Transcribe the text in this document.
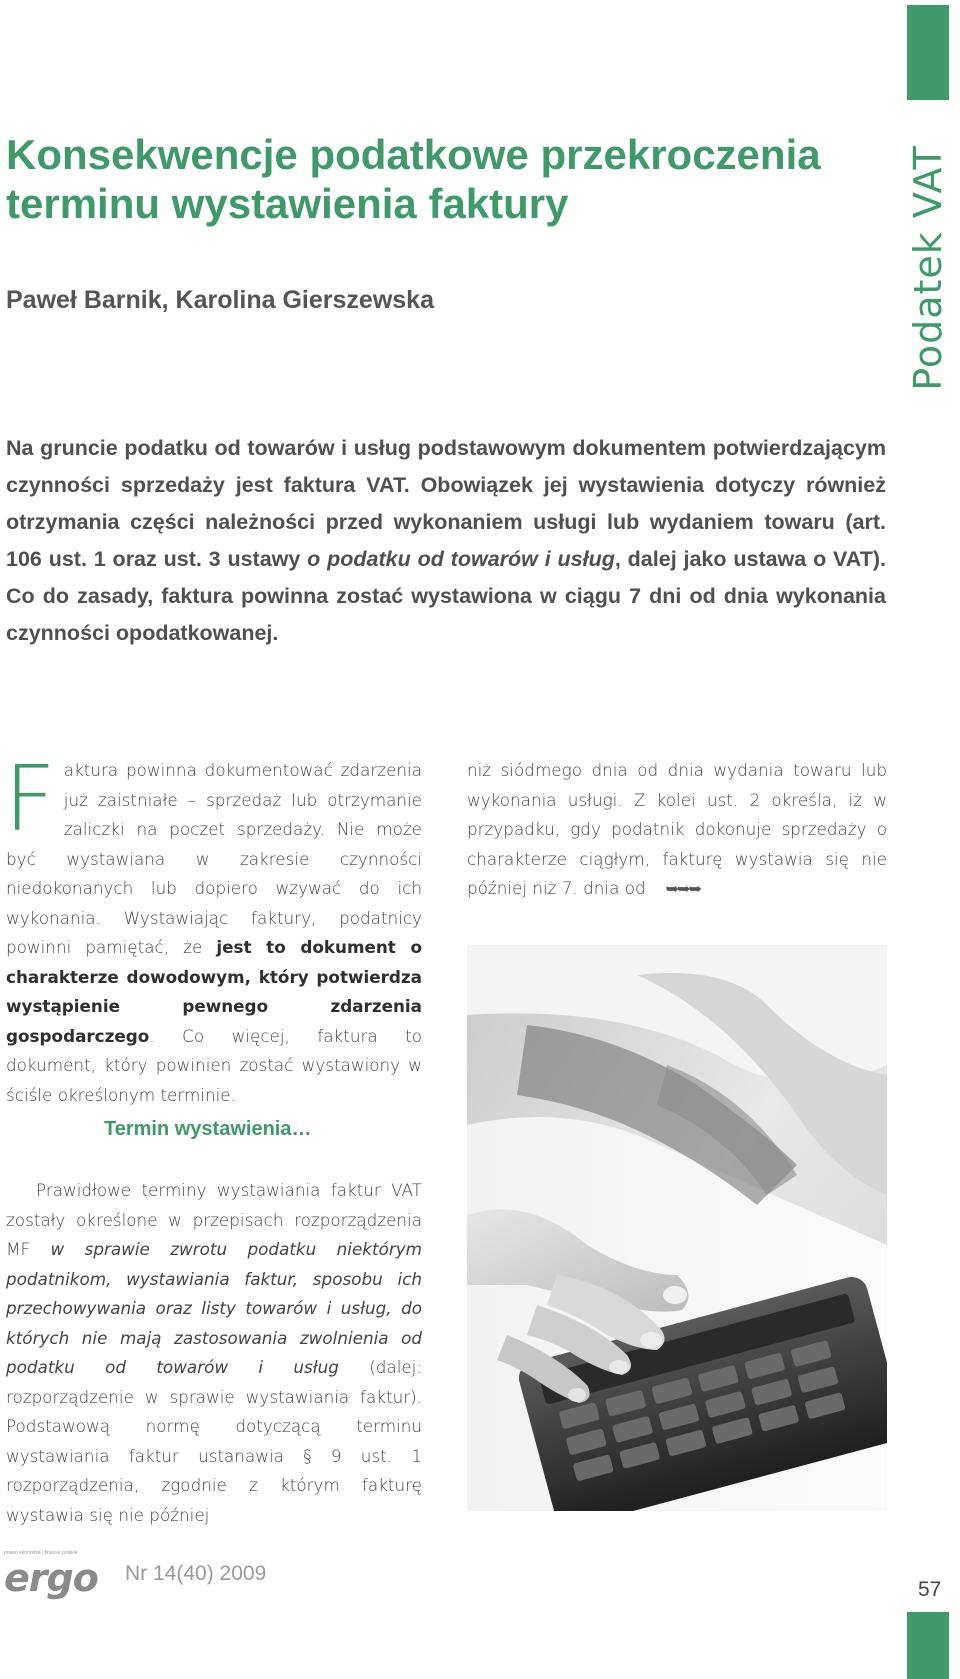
Podatek VAT
Konsekwencje podatkowe przekroczenia terminu wystawienia faktury

Paweł Barnik, Karolina Gierszewska

Na gruncie podatku od towarów i usług podstawowym dokumentem potwierdzającym czynności sprzedaży jest faktura VAT. Obowiązek jej wystawienia dotyczy również otrzymania części należności przed wykonaniem usługi lub wydaniem towaru (art. 106 ust. 1 oraz ust. 3 ustawy o podatku od towarów i usług, dalej jako ustawa o VAT). Co do zasady, faktura powinna zostać wystawiona w ciągu 7 dni od dnia wykonania czynności opodatkowanej.

Faktura powinna dokumentować zdarzenia już zaistniałe – sprzedaż lub otrzymanie zaliczki na poczet sprzedaży. Nie może być wystawiana w zakresie czynności niedokonanych lub dopiero wzywać do ich wykonania. Wystawiając faktury, podatnicy powinni pamiętać, że jest to dokument o charakterze dowodowym, który potwierdza wystąpienie pewnego zdarzenia gospodarczego. Co więcej, faktura to dokument, który powinien zostać wystawiony w ściśle określonym terminie.
Termin wystawienia…
Prawidłowe terminy wystawiania faktur VAT zostały określone w przepisach rozporządzenia MF w sprawie zwrotu podatku niektórym podatnikom, wystawiania faktur, sposobu ich przechowywania oraz listy towarów i usług, do których nie mają zastosowania zwolnienia od podatku od towarów i usług (dalej: rozporządzenie w sprawie wystawiania faktur). Podstawową normę dotyczącą terminu wystawiania faktur ustanawia § 9 ust. 1 rozporządzenia, zgodnie z którym fakturę wystawia się nie później
niż siódmego dnia od dnia wydania towaru lub wykonania usługi. Z kolei ust. 2 określa, iż w przypadku, gdy podatnik dokonuje sprzedaży o charakterze ciągłym, fakturę wystawia się nie później niż 7. dnia od ➥➥➥
prawo ekonomia i finanse polskie
ergo Nr 14(40) 2009
57
